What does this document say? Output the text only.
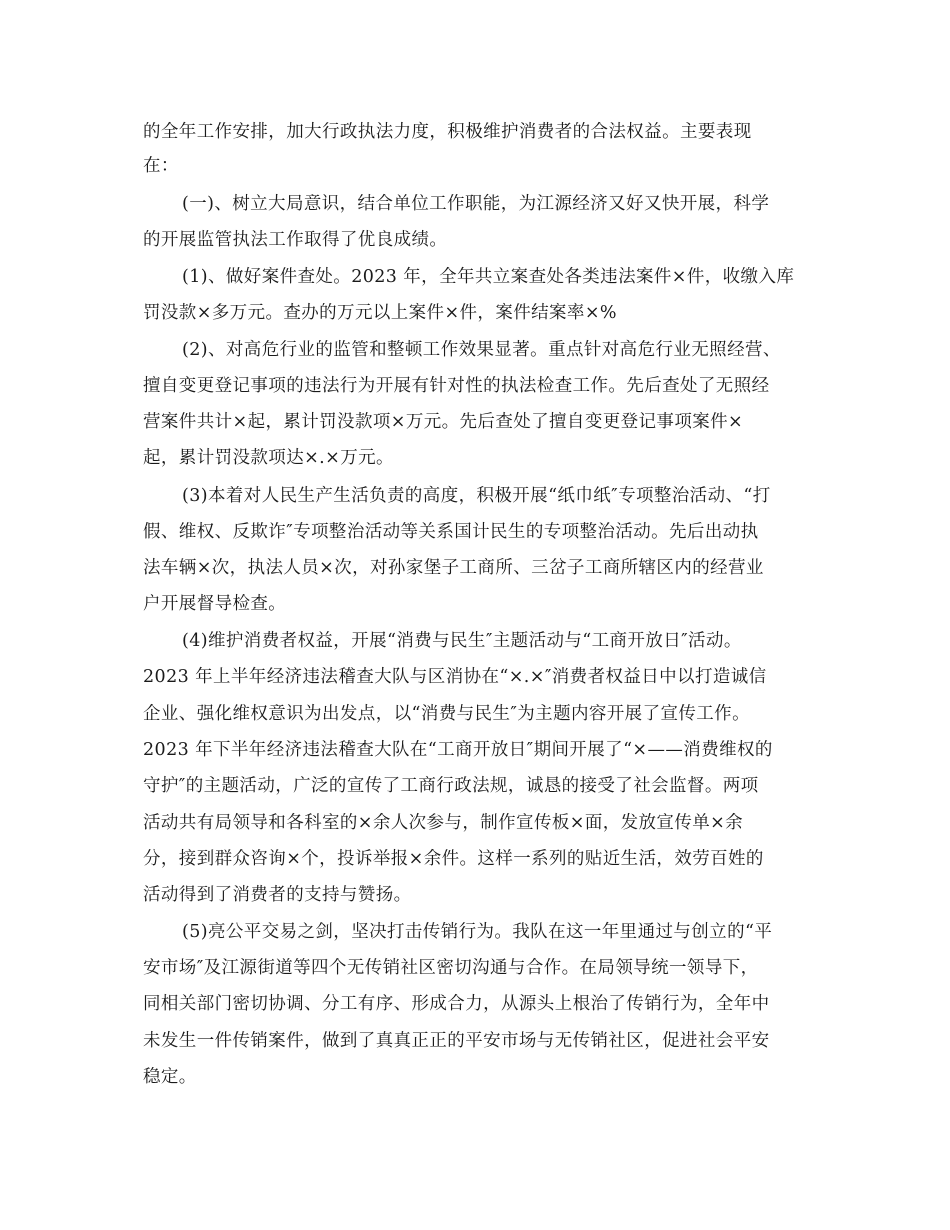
的全年工作安排，加大行政执法力度，积极维护消费者的合法权益。主要表现

在：

(一)、树立大局意识，结合单位工作职能，为江源经济又好又快开展，科学

的开展监管执法工作取得了优良成绩。

(1)、做好案件查处。2023 年，全年共立案查处各类违法案件×件，收缴入库

罚没款×多万元。查办的万元以上案件×件，案件结案率×%

(2)、对高危行业的监管和整顿工作效果显著。重点针对高危行业无照经营、

擅自变更登记事项的违法行为开展有针对性的执法检查工作。先后查处了无照经

营案件共计×起，累计罚没款项×万元。先后查处了擅自变更登记事项案件×

起，累计罚没款项达×.×万元。

(3)本着对人民生产生活负责的高度，积极开展“纸巾纸″专项整治活动、“打

假、维权、反欺诈″专项整治活动等关系国计民生的专项整治活动。先后出动执

法车辆×次，执法人员×次，对孙家堡子工商所、三岔子工商所辖区内的经营业

户开展督导检查。

(4)维护消费者权益，开展“消费与民生″主题活动与“工商开放日″活动。

2023 年上半年经济违法稽查大队与区消协在“×.×″消费者权益日中以打造诚信

企业、强化维权意识为出发点，以“消费与民生″为主题内容开展了宣传工作。

2023 年下半年经济违法稽查大队在“工商开放日″期间开展了“×——消费维权的

守护″的主题活动，广泛的宣传了工商行政法规，诚恳的接受了社会监督。两项

活动共有局领导和各科室的×余人次参与，制作宣传板×面，发放宣传单×余

分，接到群众咨询×个，投诉举报×余件。这样一系列的贴近生活，效劳百姓的

活动得到了消费者的支持与赞扬。

(5)亮公平交易之剑，坚决打击传销行为。我队在这一年里通过与创立的“平

安市场″及江源街道等四个无传销社区密切沟通与合作。在局领导统一领导下，

同相关部门密切协调、分工有序、形成合力，从源头上根治了传销行为，全年中

未发生一件传销案件，做到了真真正正的平安市场与无传销社区，促进社会平安

稳定。
